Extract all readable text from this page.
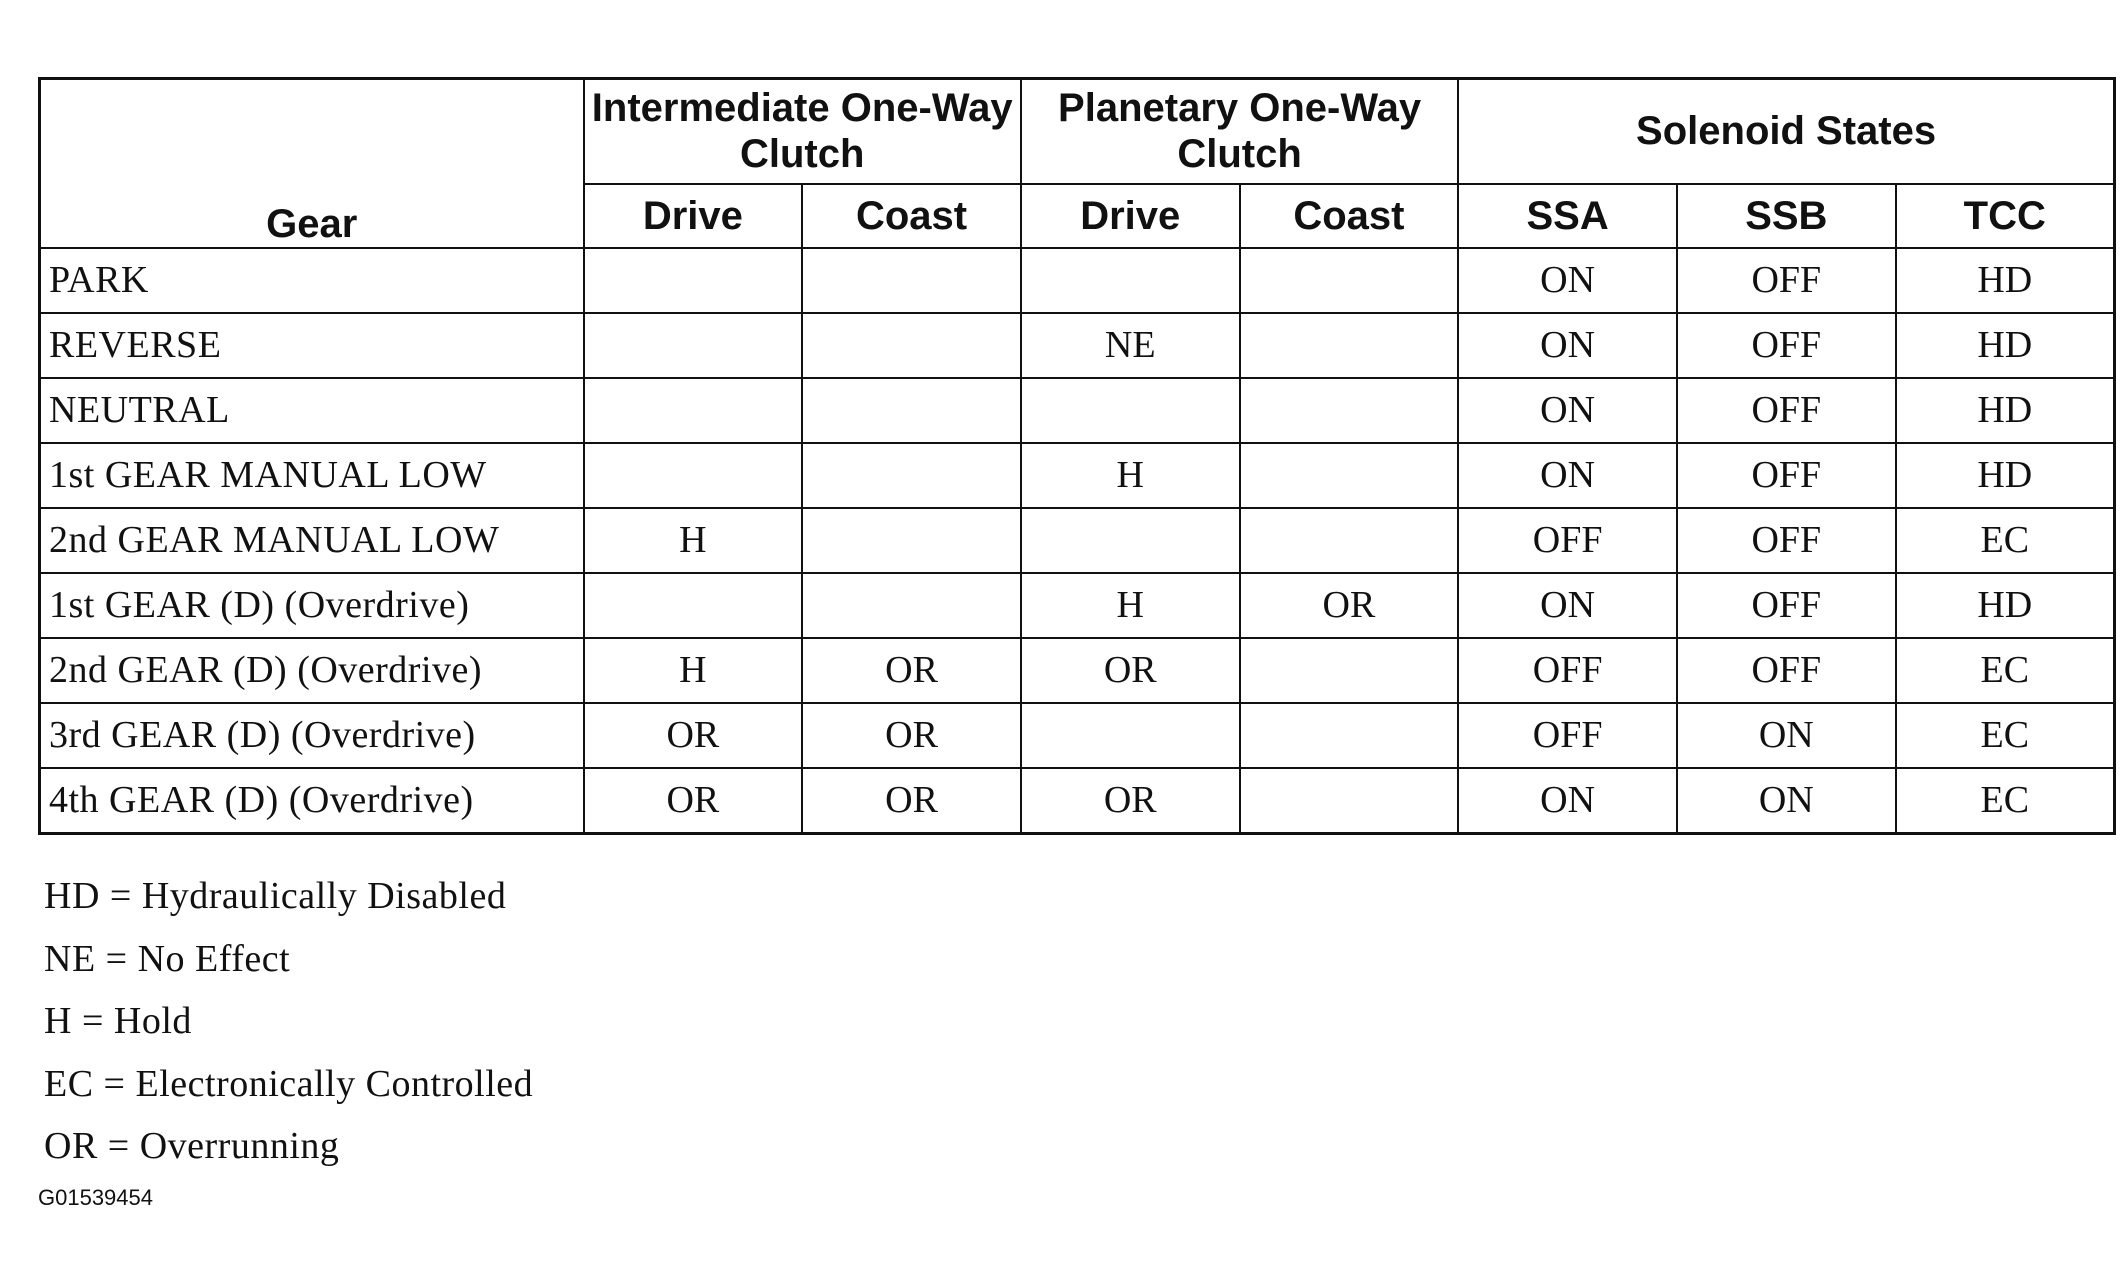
Gear	Intermediate One-Way Clutch		Planetary One-Way Clutch		Solenoid States		
	Drive	Coast	Drive	Coast	SSA	SSB	TCC
PARK					ON	OFF	HD
REVERSE			NE		ON	OFF	HD
NEUTRAL					ON	OFF	HD
1st GEAR MANUAL LOW			H		ON	OFF	HD
2nd GEAR MANUAL LOW	H				OFF	OFF	EC
1st GEAR (D) (Overdrive)			H	OR	ON	OFF	HD
2nd GEAR (D) (Overdrive)	H	OR	OR		OFF	OFF	EC
3rd GEAR (D) (Overdrive)	OR	OR			OFF	ON	EC
4th GEAR (D) (Overdrive)	OR	OR	OR		ON	ON	EC
HD = Hydraulically Disabled
NE = No Effect
H = Hold
EC = Electronically Controlled
OR = Overrunning
G01539454
